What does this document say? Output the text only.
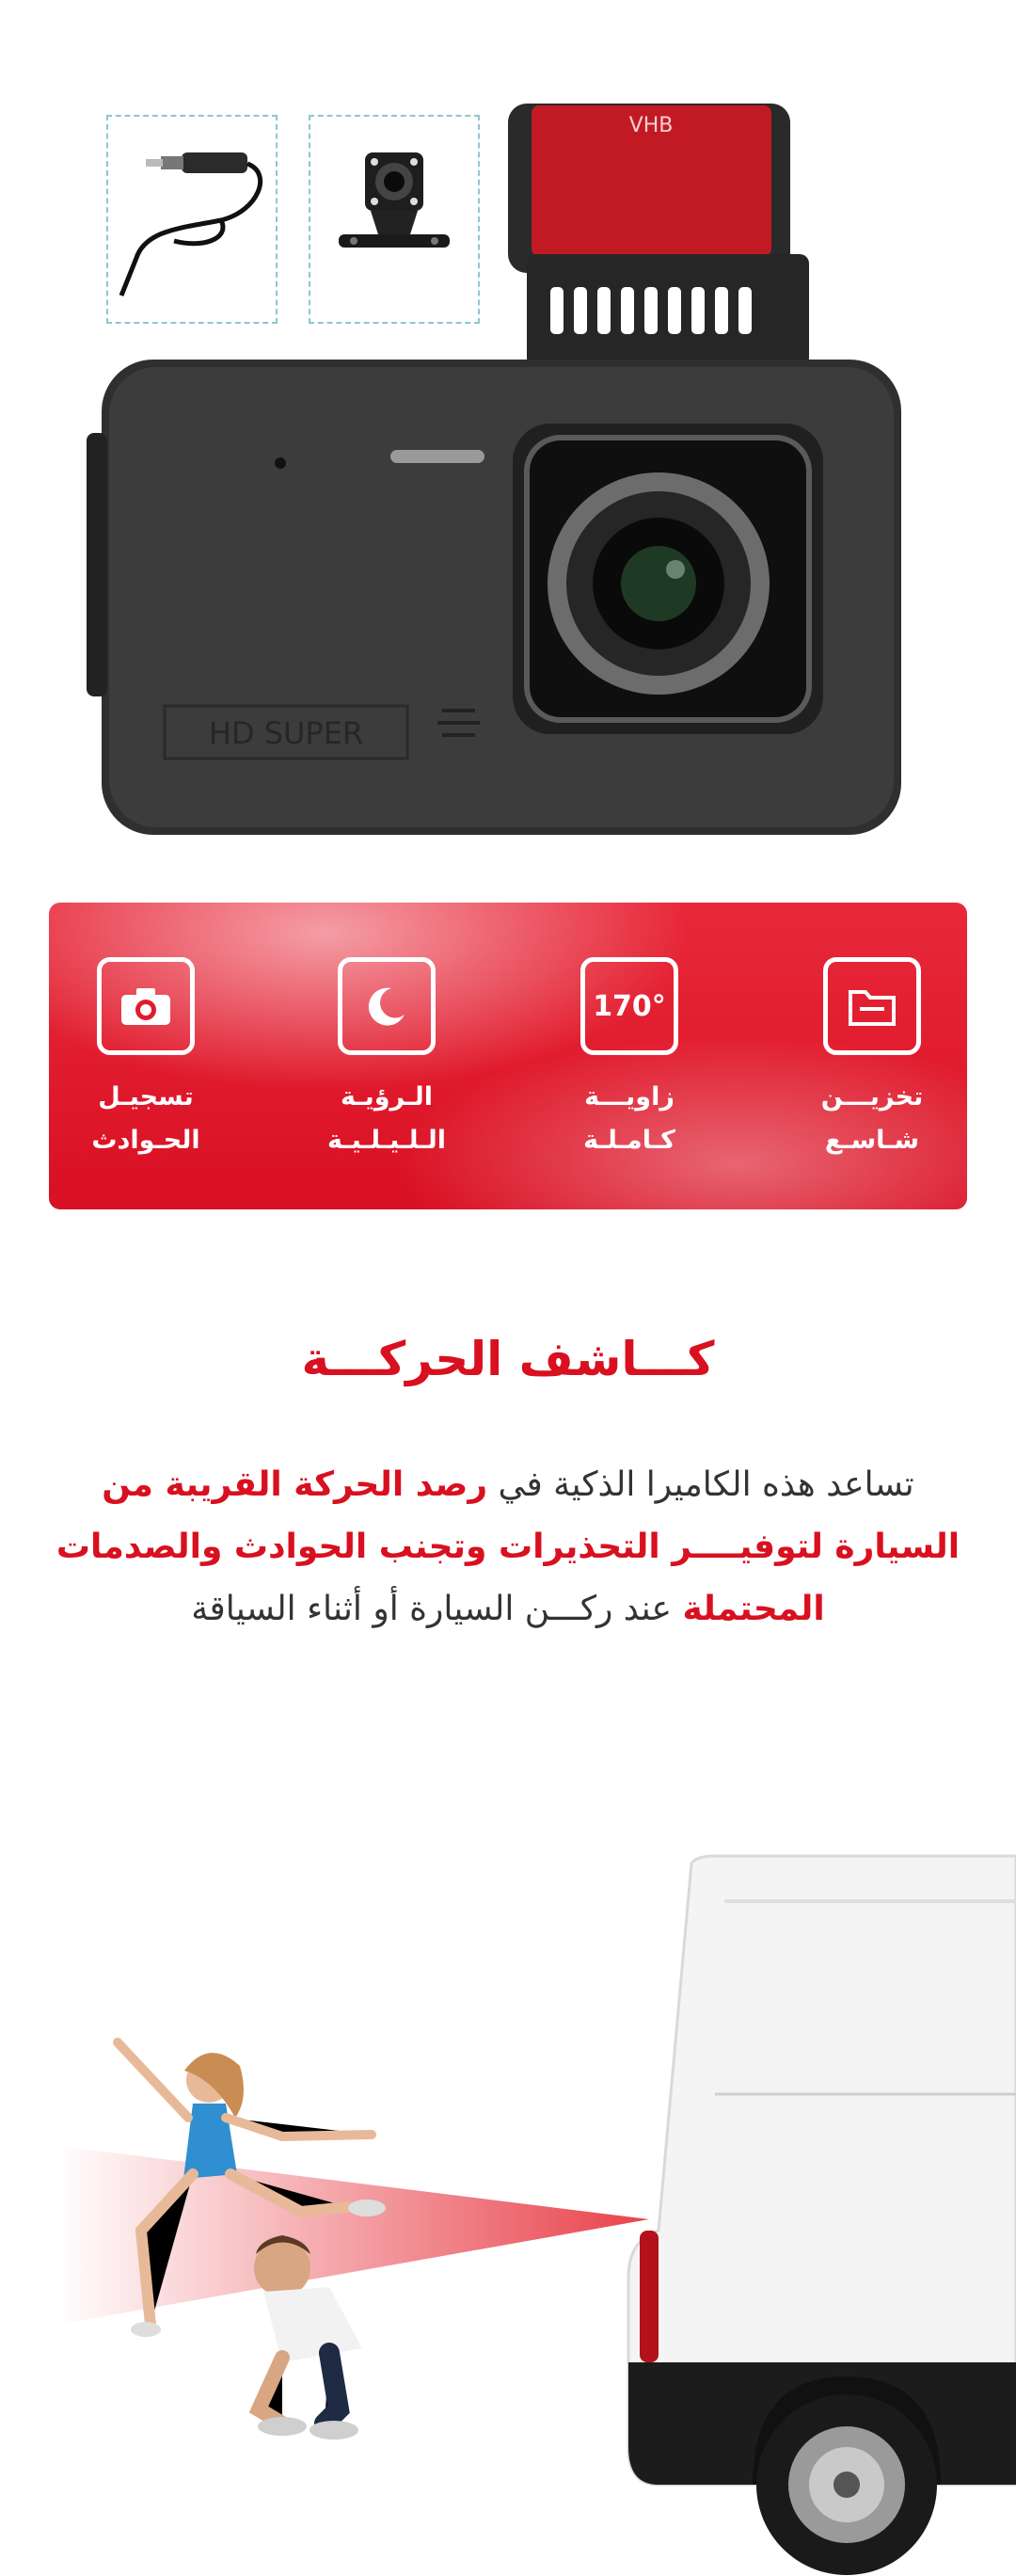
VHB
HD SUPER
تخزيـــن
شـاسـع
170°
زاويـــة
كـامـلـة
الـرؤيـة
الـلـيـلـيـة
تسجيـل
الحـوادث
كـــاشف الحركـــة
تساعد هذه الكاميرا الذكية في رصد الحركة القريبة من السيارة لتوفيــــر التحذيرات وتجنب الحوادث والصدمات المحتملة عند ركـــن السيارة أو أثناء السياقة
